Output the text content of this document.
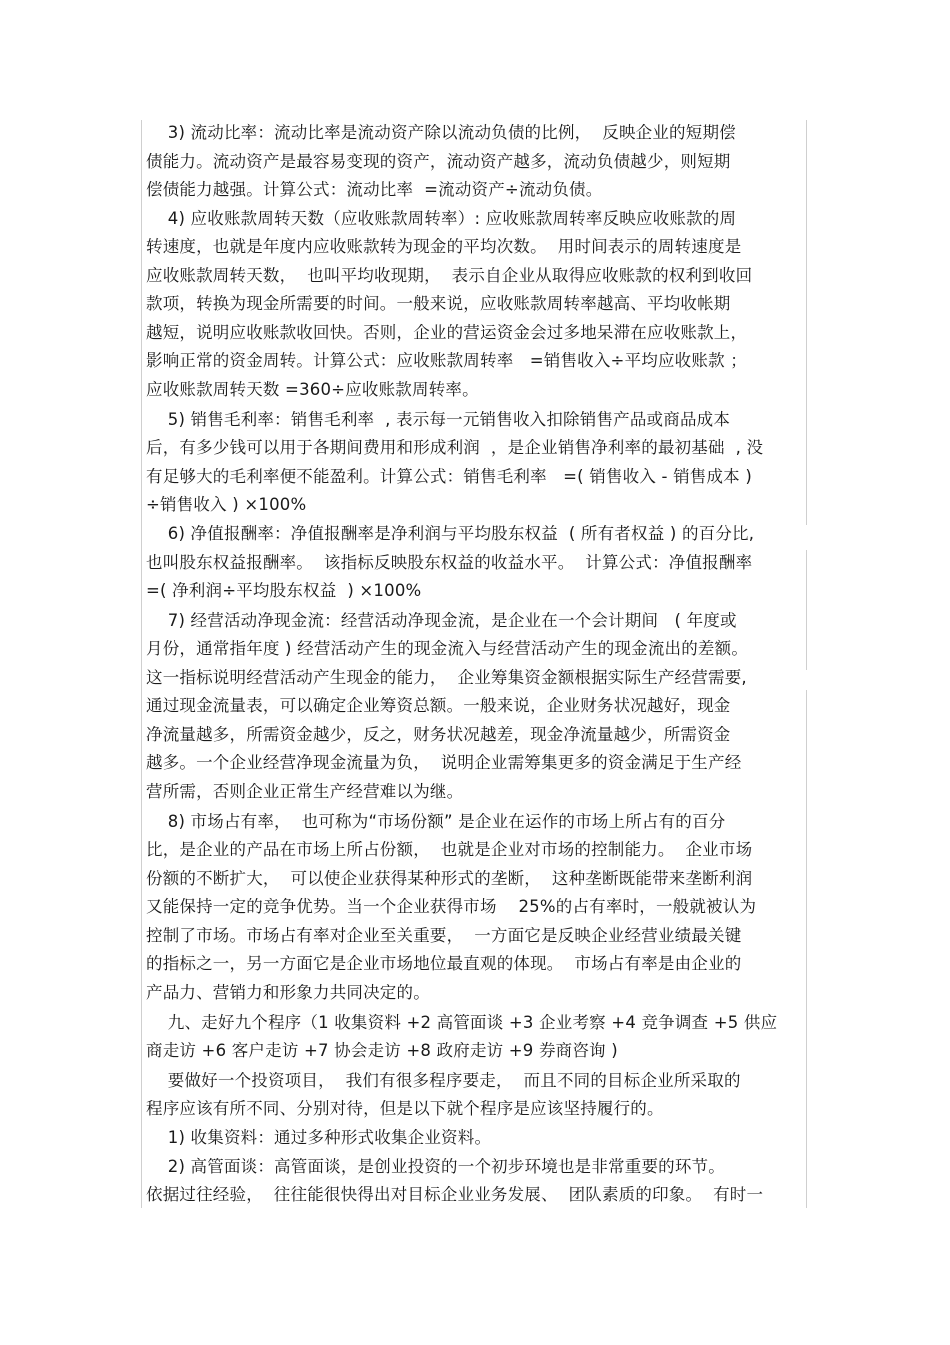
3) 流动比率：流动比率是流动资产除以流动负债的比例，  反映企业的短期偿
债能力。流动资产是最容易变现的资产，流动资产越多，流动负债越少，则短期
偿债能力越强。计算公式：流动比率  =流动资产÷流动负债。
4) 应收账款周转天数（应收账款周转率）: 应收账款周转率反映应收账款的周
转速度，也就是年度内应收账款转为现金的平均次数。  用时间表示的周转速度是
应收账款周转天数，  也叫平均收现期，  表示自企业从取得应收账款的权利到收回
款项，转换为现金所需要的时间。一般来说，应收账款周转率越高、平均收帐期
越短，说明应收账款收回快。否则，企业的营运资金会过多地呆滞在应收账款上，
影响正常的资金周转。计算公式：应收账款周转率   =销售收入÷平均应收账款 ；
应收账款周转天数 =360÷应收账款周转率。
5) 销售毛利率：销售毛利率  , 表示每一元销售收入扣除销售产品或商品成本
后，有多少钱可以用于各期间费用和形成利润  ，是企业销售净利率的最初基础  , 没
有足够大的毛利率便不能盈利。计算公式：销售毛利率   =( 销售收入 - 销售成本 )
÷销售收入 ) ×100%
6) 净值报酬率：净值报酬率是净利润与平均股东权益  ( 所有者权益 ) 的百分比,
也叫股东权益报酬率。  该指标反映股东权益的收益水平。  计算公式：净值报酬率
=( 净利润÷平均股东权益  ) ×100%
7) 经营活动净现金流：经营活动净现金流，是企业在一个会计期间   ( 年度或
月份，通常指年度 ) 经营活动产生的现金流入与经营活动产生的现金流出的差额。
这一指标说明经营活动产生现金的能力，  企业筹集资金额根据实际生产经营需要,
通过现金流量表，可以确定企业筹资总额。一般来说，企业财务状况越好，现金
净流量越多，所需资金越少，反之，财务状况越差，现金净流量越少，所需资金
越多。一个企业经营净现金流量为负，  说明企业需筹集更多的资金满足于生产经
营所需，否则企业正常生产经营难以为继。
8) 市场占有率，  也可称为“市场份额” 是企业在运作的市场上所占有的百分
比，是企业的产品在市场上所占份额，  也就是企业对市场的控制能力。  企业市场
份额的不断扩大，  可以使企业获得某种形式的垄断，  这种垄断既能带来垄断利润
又能保持一定的竞争优势。当一个企业获得市场    25%的占有率时，一般就被认为
控制了市场。市场占有率对企业至关重要，  一方面它是反映企业经营业绩最关键
的指标之一，另一方面它是企业市场地位最直观的体现。  市场占有率是由企业的
产品力、营销力和形象力共同决定的。
九、走好九个程序（1 收集资料 +2 高管面谈 +3 企业考察 +4 竞争调查 +5 供应
商走访 +6 客户走访 +7 协会走访 +8 政府走访 +9 券商咨询 )
要做好一个投资项目，  我们有很多程序要走，  而且不同的目标企业所采取的
程序应该有所不同、分别对待，但是以下就个程序是应该坚持履行的。
1) 收集资料：通过多种形式收集企业资料。
2) 高管面谈：高管面谈，是创业投资的一个初步环境也是非常重要的环节。
依据过往经验，  往往能很快得出对目标企业业务发展、  团队素质的印象。  有时一
